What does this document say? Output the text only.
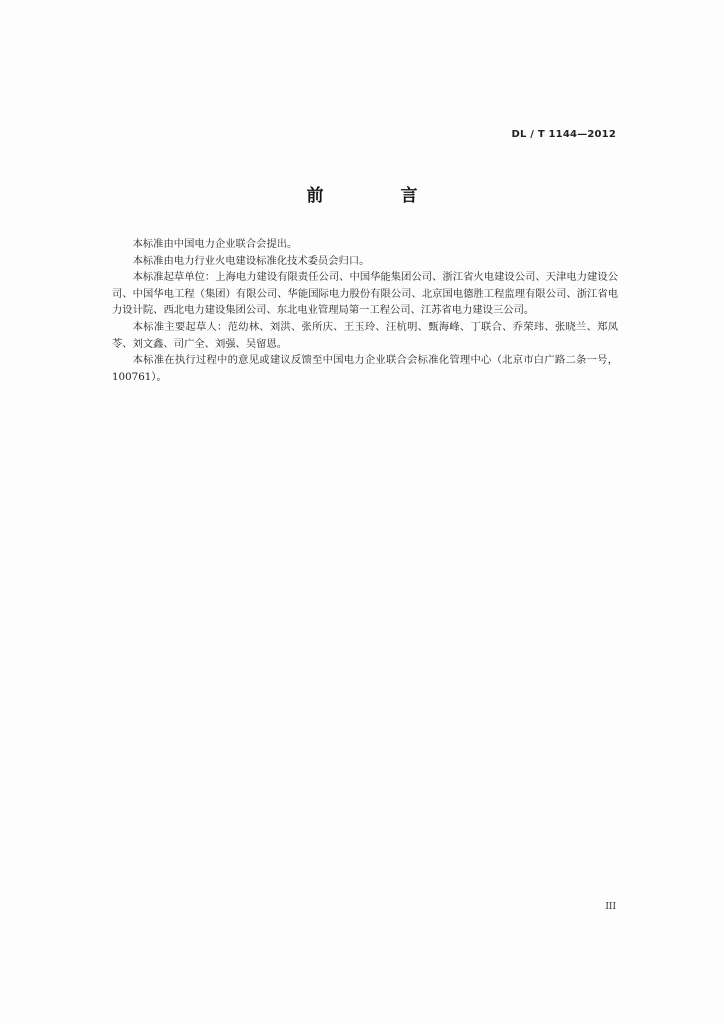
DL / T 1144—2012
前　言

本标准由中国电力企业联合会提出。

本标准由电力行业火电建设标准化技术委员会归口。

本标准起草单位：上海电力建设有限责任公司、中国华能集团公司、浙江省火电建设公司、天津电力建设公司、中国华电工程（集团）有限公司、华能国际电力股份有限公司、北京国电德胜工程监理有限公司、浙江省电力设计院、西北电力建设集团公司、东北电业管理局第一工程公司、江苏省电力建设三公司。

本标准主要起草人：范幼林、刘洪、张所庆、王玉玲、汪杭明、甄海峰、丁联合、乔荣玮、张晓兰、郑凤苓、刘文鑫、司广全、刘强、吴留恩。

本标准在执行过程中的意见或建议反馈至中国电力企业联合会标准化管理中心（北京市白广路二条一号，100761）。

III
